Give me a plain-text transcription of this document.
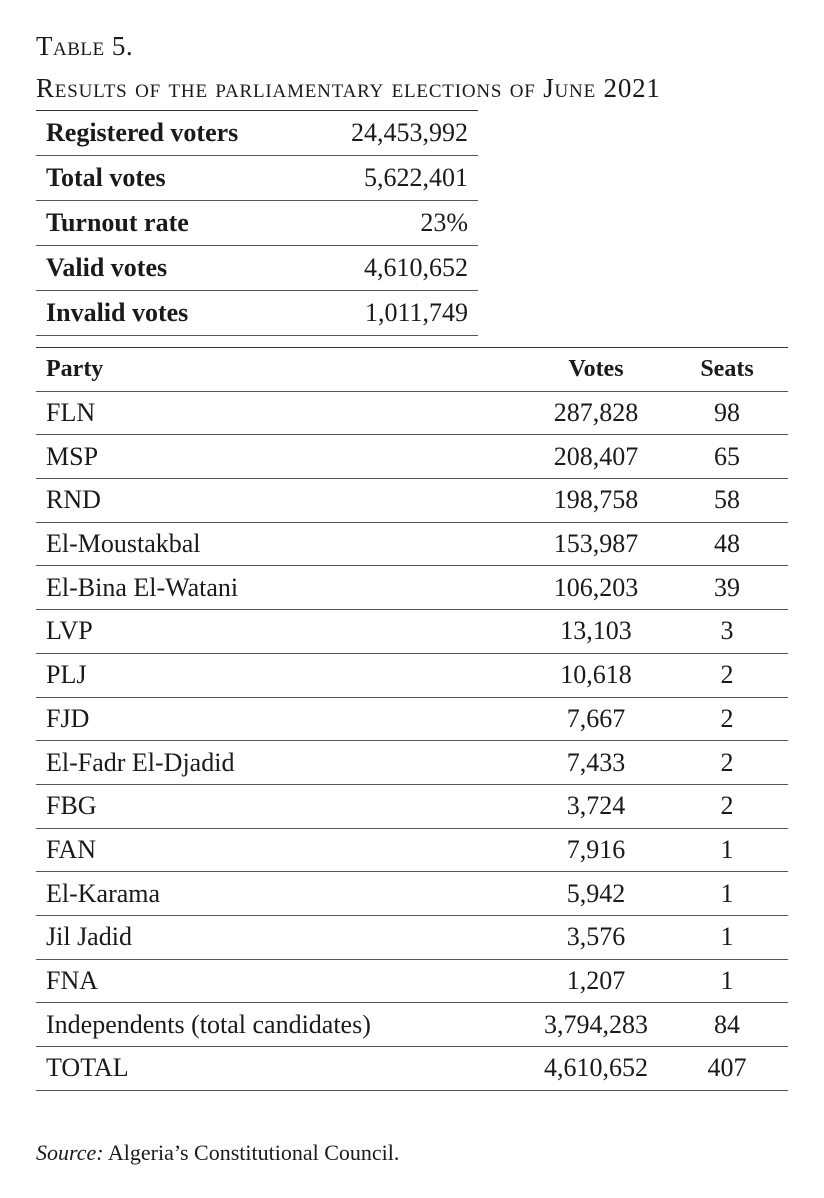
Table 5.
Results of the parliamentary elections of June 2021
Registered voters	24,453,992
Total votes	5,622,401
Turnout rate	23%
Valid votes	4,610,652
Invalid votes	1,011,749
Party	Votes	Seats
FLN	287,828	98
MSP	208,407	65
RND	198,758	58
El-Moustakbal	153,987	48
El-Bina El-Watani	106,203	39
LVP	13,103	3
PLJ	10,618	2
FJD	7,667	2
El-Fadr El-Djadid	7,433	2
FBG	3,724	2
FAN	7,916	1
El-Karama	5,942	1
Jil Jadid	3,576	1
FNA	1,207	1
Independents (total candidates)	3,794,283	84
TOTAL	4,610,652	407
Source: Algeria’s Constitutional Council.
